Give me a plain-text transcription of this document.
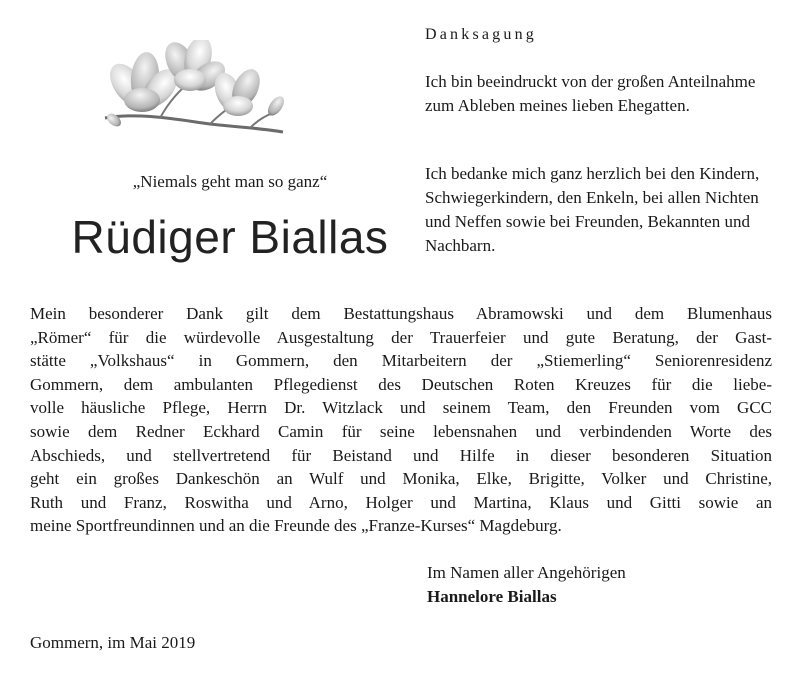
„Niemals geht man so ganz“
Rüdiger Biallas
Danksagung
Ich bin beeindruckt von der großen Anteilnahme zum Ableben meines lieben Ehegatten.
Ich bedanke mich ganz herzlich bei den Kindern, Schwiegerkindern, den Enkeln, bei allen Nichten und Neffen sowie bei Freunden, Bekannten und Nachbarn.
Mein besonderer Dank gilt dem Bestattungshaus Abramowski und dem Blumenhaus
„Römer“ für die würdevolle Ausgestaltung der Trauerfeier und gute Beratung, der Gast-
stätte „Volkshaus“ in Gommern, den Mitarbeitern der „Stiemerling“ Seniorenresidenz
Gommern, dem ambulanten Pflegedienst des Deutschen Roten Kreuzes für die liebe-
volle häusliche Pflege, Herrn Dr. Witzlack und seinem Team, den Freunden vom GCC
sowie dem Redner Eckhard Camin für seine lebensnahen und verbindenden Worte des
Abschieds, und stellvertretend für Beistand und Hilfe in dieser besonderen Situation
geht ein großes Dankeschön an Wulf und Monika, Elke, Brigitte, Volker und Christine,
Ruth und Franz, Roswitha und Arno, Holger und Martina, Klaus und Gitti sowie an
meine Sportfreundinnen und an die Freunde des „Franze-Kurses“ Magdeburg.
Im Namen aller Angehörigen
Hannelore Biallas
Gommern, im Mai 2019
